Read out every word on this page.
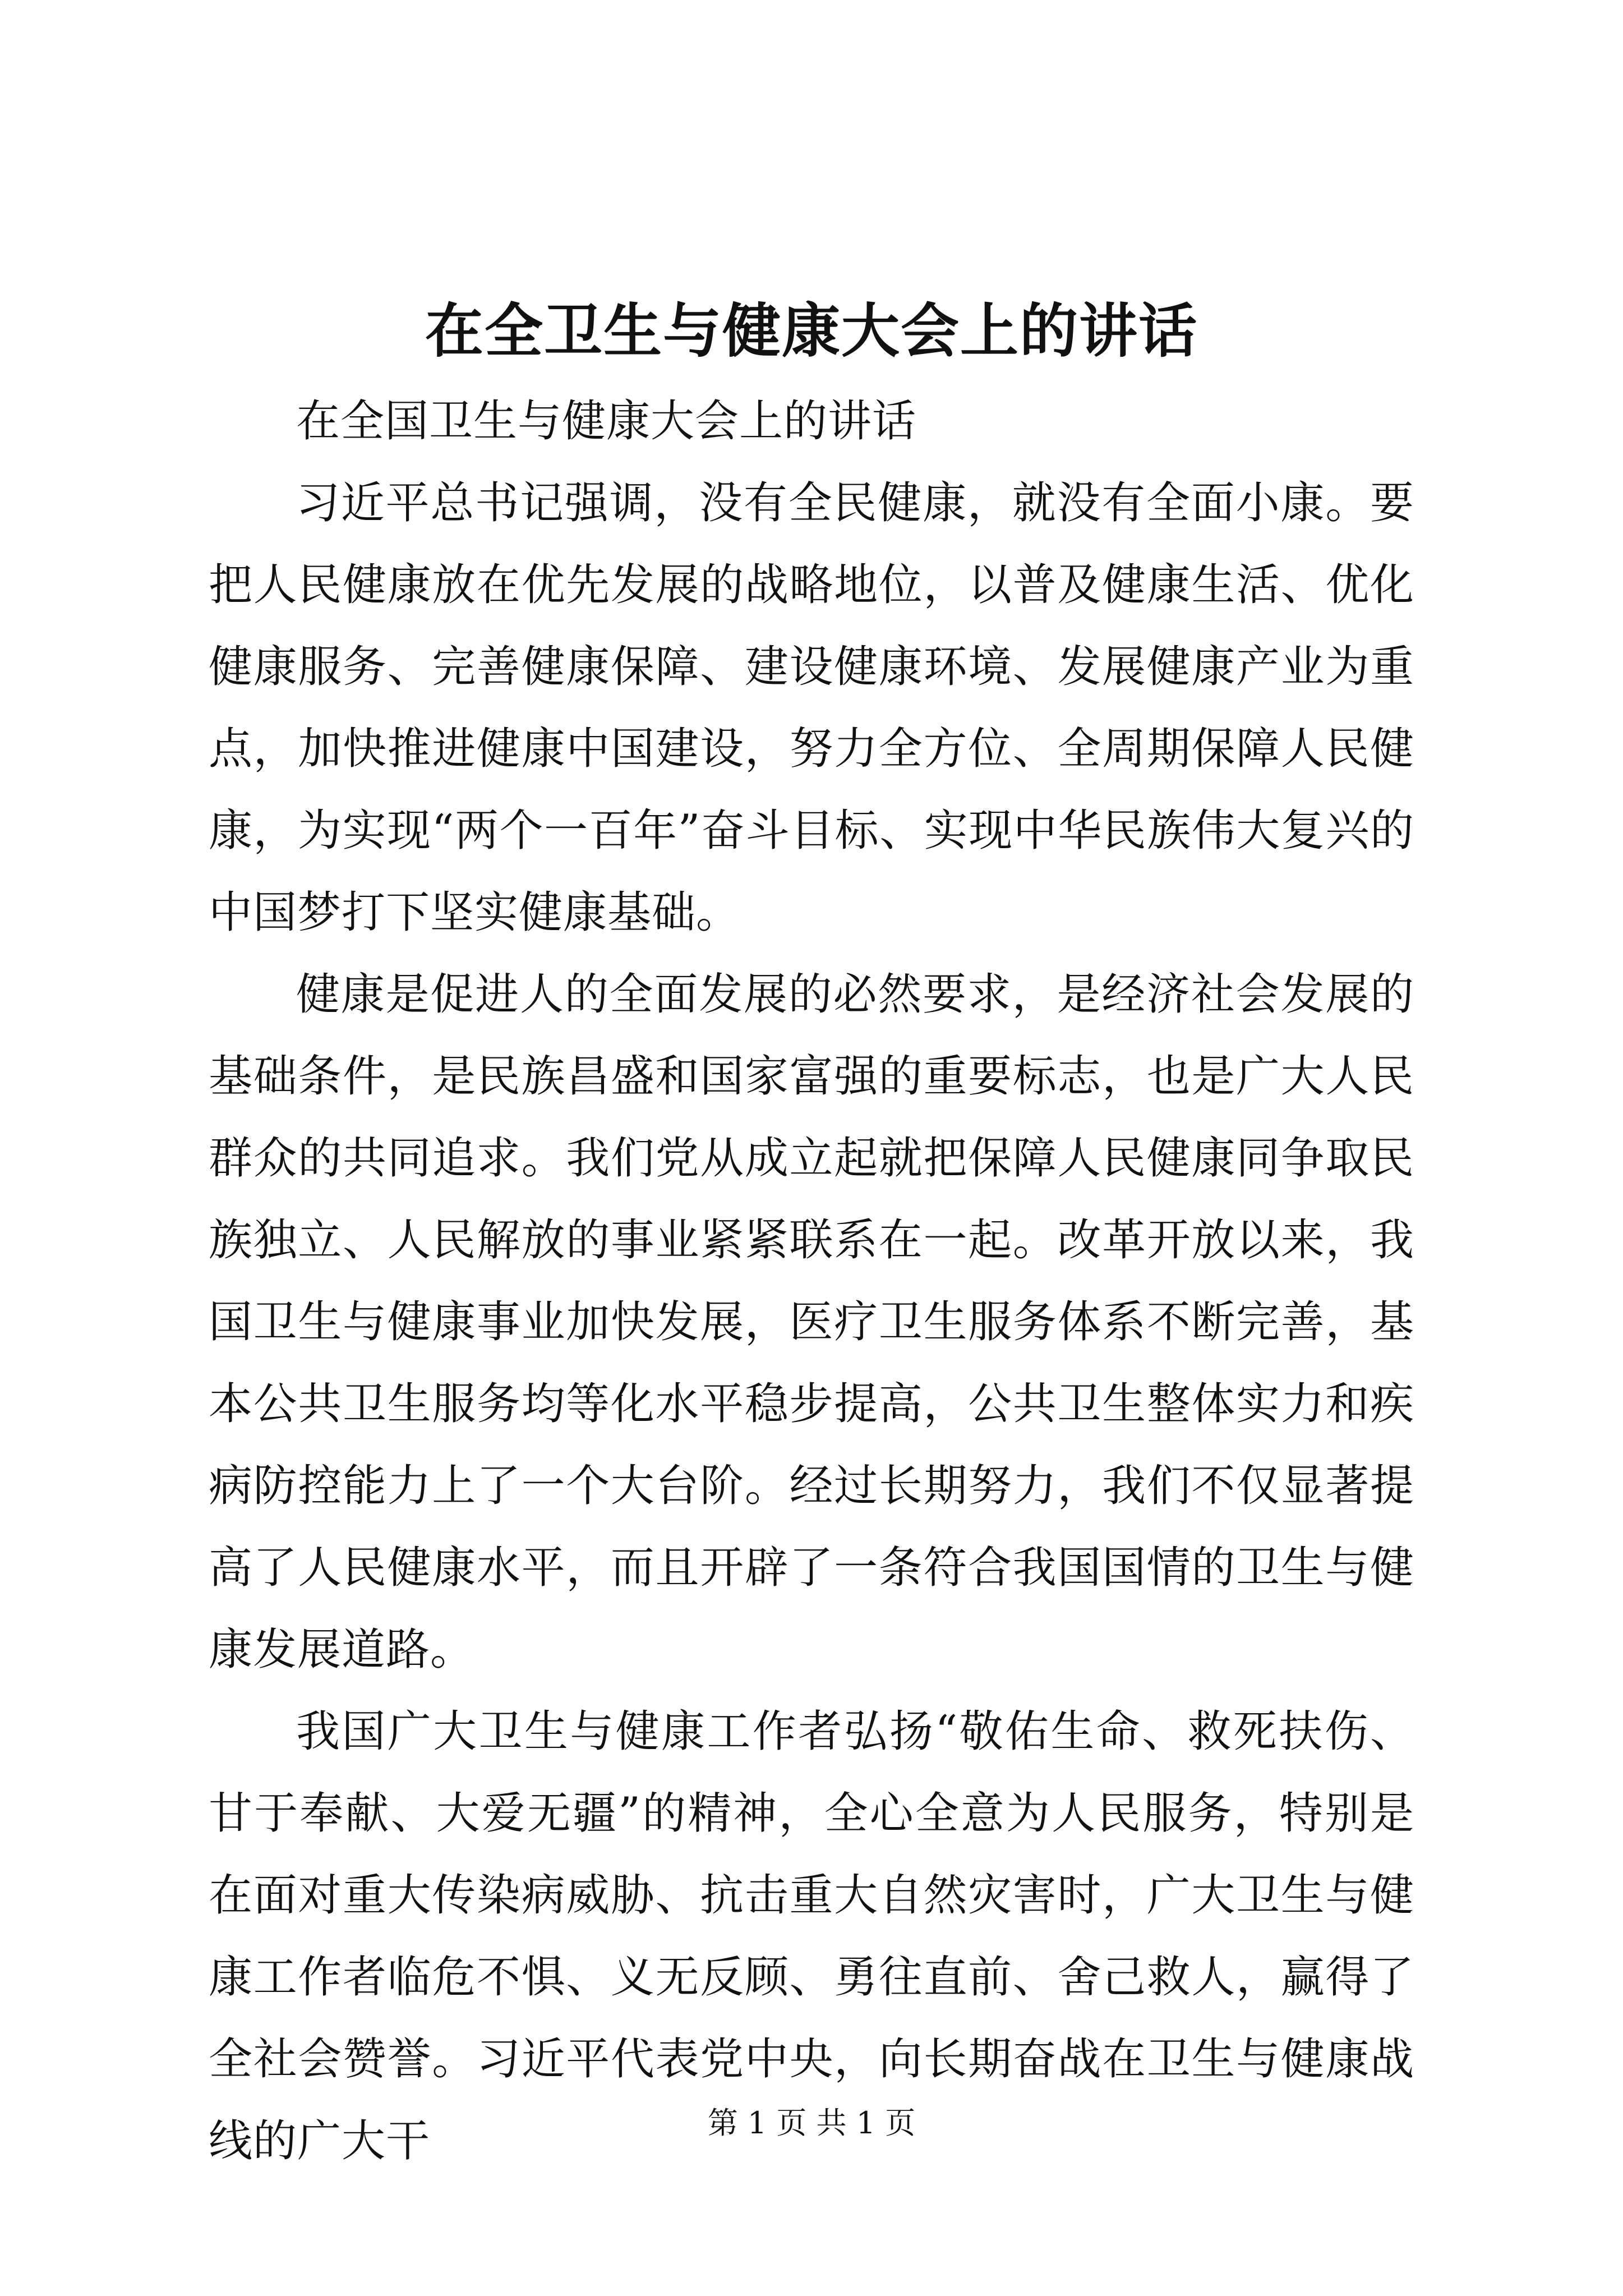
在全卫生与健康大会上的讲话

在全国卫生与健康大会上的讲话

习近平总书记强调，没有全民健康，就没有全面小康。要把人民健康放在优先发展的战略地位，以普及健康生活、优化健康服务、完善健康保障、建设健康环境、发展健康产业为重点，加快推进健康中国建设，努力全方位、全周期保障人民健康，为实现“两个一百年”奋斗目标、实现中华民族伟大复兴的中国梦打下坚实健康基础。

健康是促进人的全面发展的必然要求，是经济社会发展的基础条件，是民族昌盛和国家富强的重要标志，也是广大人民群众的共同追求。我们党从成立起就把保障人民健康同争取民族独立、人民解放的事业紧紧联系在一起。改革开放以来，我国卫生与健康事业加快发展，医疗卫生服务体系不断完善，基本公共卫生服务均等化水平稳步提高，公共卫生整体实力和疾病防控能力上了一个大台阶。经过长期努力，我们不仅显著提高了人民健康水平，而且开辟了一条符合我国国情的卫生与健康发展道路。

我国广大卫生与健康工作者弘扬“敬佑生命、救死扶伤、甘于奉献、大爱无疆”的精神，全心全意为人民服务，特别是在面对重大传染病威胁、抗击重大自然灾害时，广大卫生与健康工作者临危不惧、义无反顾、勇往直前、舍己救人，赢得了全社会赞誉。习近平代表党中央，向长期奋战在卫生与健康战线的广大干	第 1 页 共 1 页
